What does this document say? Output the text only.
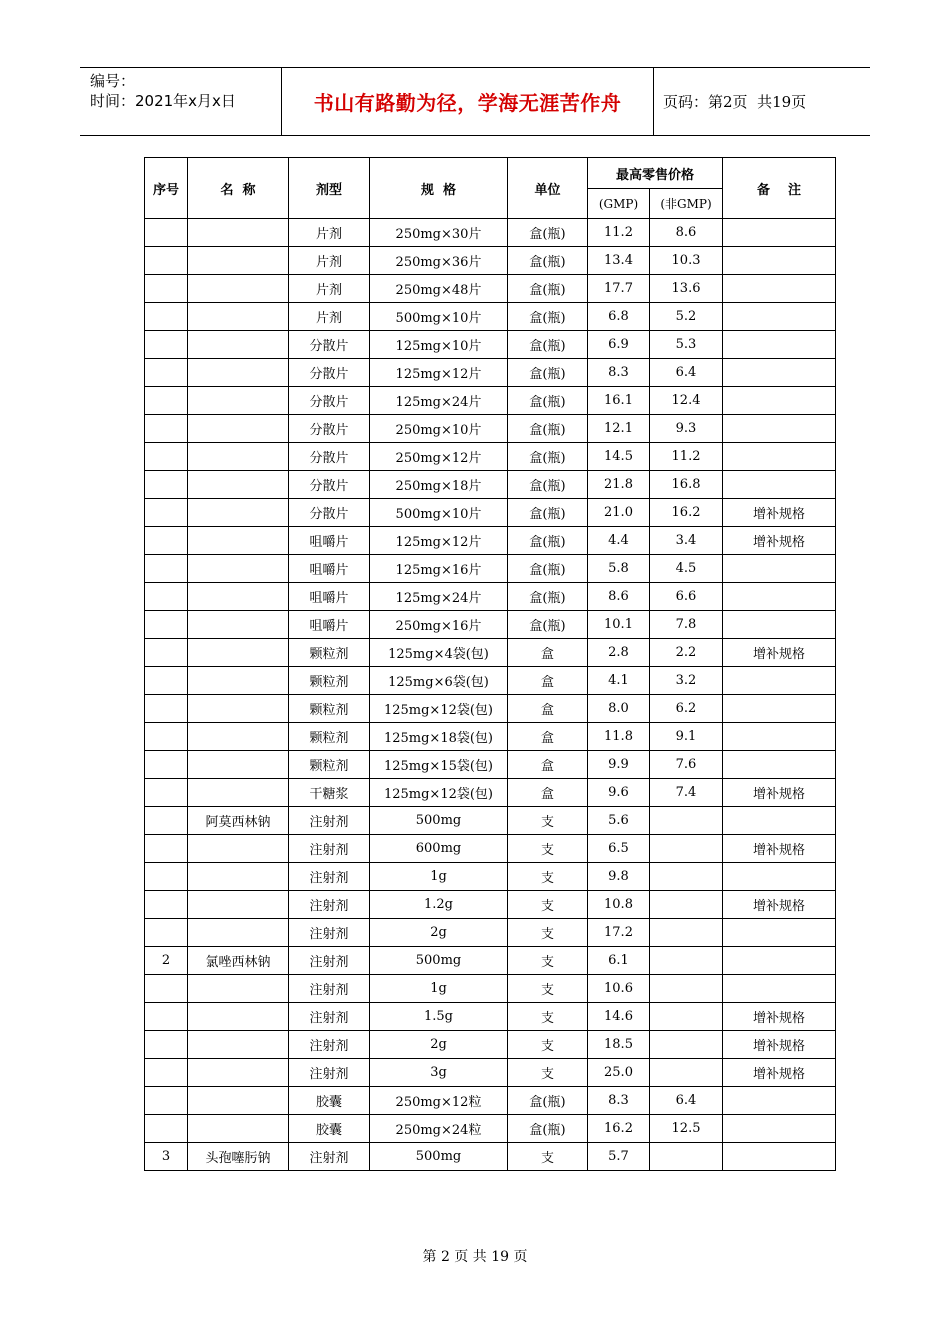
编号：
时间：2021年x月x日	书山有路勤为径，学海无涯苦作舟	页码：第2页  共19页
序号	名  称	剂型	规  格	单位	最高零售价格		备    注
					(GMP)	(非GMP)	
		片剂	250mg×30片	盒(瓶)	11.2	8.6	
		片剂	250mg×36片	盒(瓶)	13.4	10.3	
		片剂	250mg×48片	盒(瓶)	17.7	13.6	
		片剂	500mg×10片	盒(瓶)	6.8	5.2	
		分散片	125mg×10片	盒(瓶)	6.9	5.3	
		分散片	125mg×12片	盒(瓶)	8.3	6.4	
		分散片	125mg×24片	盒(瓶)	16.1	12.4	
		分散片	250mg×10片	盒(瓶)	12.1	9.3	
		分散片	250mg×12片	盒(瓶)	14.5	11.2	
		分散片	250mg×18片	盒(瓶)	21.8	16.8	
		分散片	500mg×10片	盒(瓶)	21.0	16.2	增补规格
		咀嚼片	125mg×12片	盒(瓶)	4.4	3.4	增补规格
		咀嚼片	125mg×16片	盒(瓶)	5.8	4.5	
		咀嚼片	125mg×24片	盒(瓶)	8.6	6.6	
		咀嚼片	250mg×16片	盒(瓶)	10.1	7.8	
		颗粒剂	125mg×4袋(包)	盒	2.8	2.2	增补规格
		颗粒剂	125mg×6袋(包)	盒	4.1	3.2	
		颗粒剂	125mg×12袋(包)	盒	8.0	6.2	
		颗粒剂	125mg×18袋(包)	盒	11.8	9.1	
		颗粒剂	125mg×15袋(包)	盒	9.9	7.6	
		干糖浆	125mg×12袋(包)	盒	9.6	7.4	增补规格
	阿莫西林钠	注射剂	500mg	支	5.6		
		注射剂	600mg	支	6.5		增补规格
		注射剂	1g	支	9.8		
		注射剂	1.2g	支	10.8		增补规格
		注射剂	2g	支	17.2		
2	氯唑西林钠	注射剂	500mg	支	6.1		
		注射剂	1g	支	10.6		
		注射剂	1.5g	支	14.6		增补规格
		注射剂	2g	支	18.5		增补规格
		注射剂	3g	支	25.0		增补规格
		胶囊	250mg×12粒	盒(瓶)	8.3	6.4	
		胶囊	250mg×24粒	盒(瓶)	16.2	12.5	
3	头孢噻肟钠	注射剂	500mg	支	5.7		
第 2 页 共 19 页
